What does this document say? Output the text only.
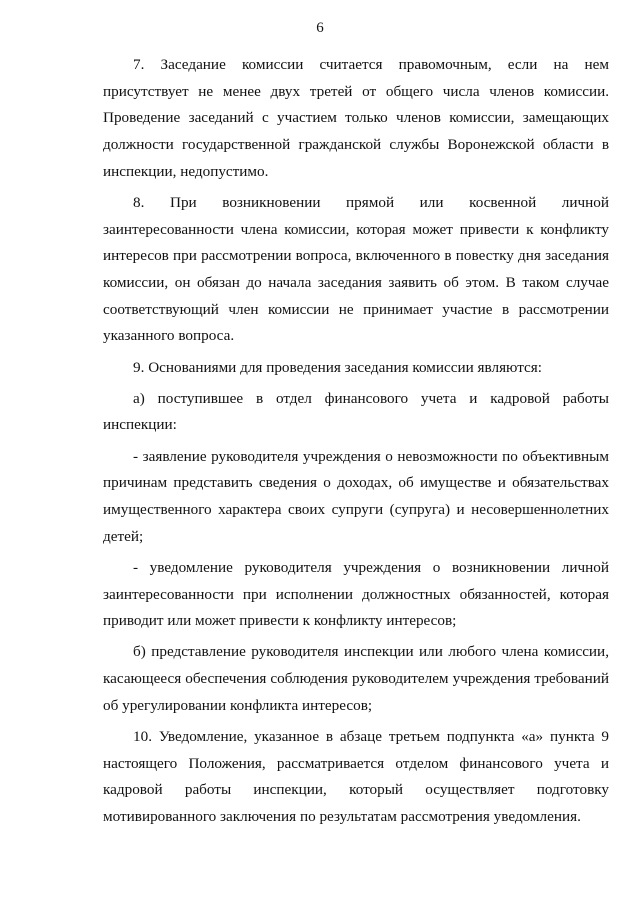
6
7. Заседание комиссии считается правомочным, если на нем
присутствует не менее двух третей от общего числа членов комиссии.
Проведение заседаний с участием только членов комиссии, замещающих
должности государственной гражданской службы Воронежской области в
инспекции, недопустимо.
8. При возникновении прямой или косвенной личной
заинтересованности члена комиссии, которая может привести к конфликту
интересов при рассмотрении вопроса, включенного в повестку дня заседания
комиссии, он обязан до начала заседания заявить об этом. В таком случае
соответствующий член комиссии не принимает участие в рассмотрении
указанного вопроса.
9. Основаниями для проведения заседания комиссии являются:
а) поступившее в отдел финансового учета и кадровой работы
инспекции:
- заявление руководителя учреждения о невозможности по объективным
причинам представить сведения о доходах, об имуществе и обязательствах
имущественного характера своих супруги (супруга) и несовершеннолетних
детей;
- уведомление руководителя учреждения о возникновении личной
заинтересованности при исполнении должностных обязанностей, которая
приводит или может привести к конфликту интересов;
б) представление руководителя инспекции или любого члена комиссии,
касающееся обеспечения соблюдения руководителем учреждения требований
об урегулировании конфликта интересов;
10. Уведомление, указанное в абзаце третьем подпункта «а» пункта 9
настоящего Положения, рассматривается отделом финансового учета и
кадровой работы инспекции, который осуществляет подготовку
мотивированного заключения по результатам рассмотрения уведомления.
